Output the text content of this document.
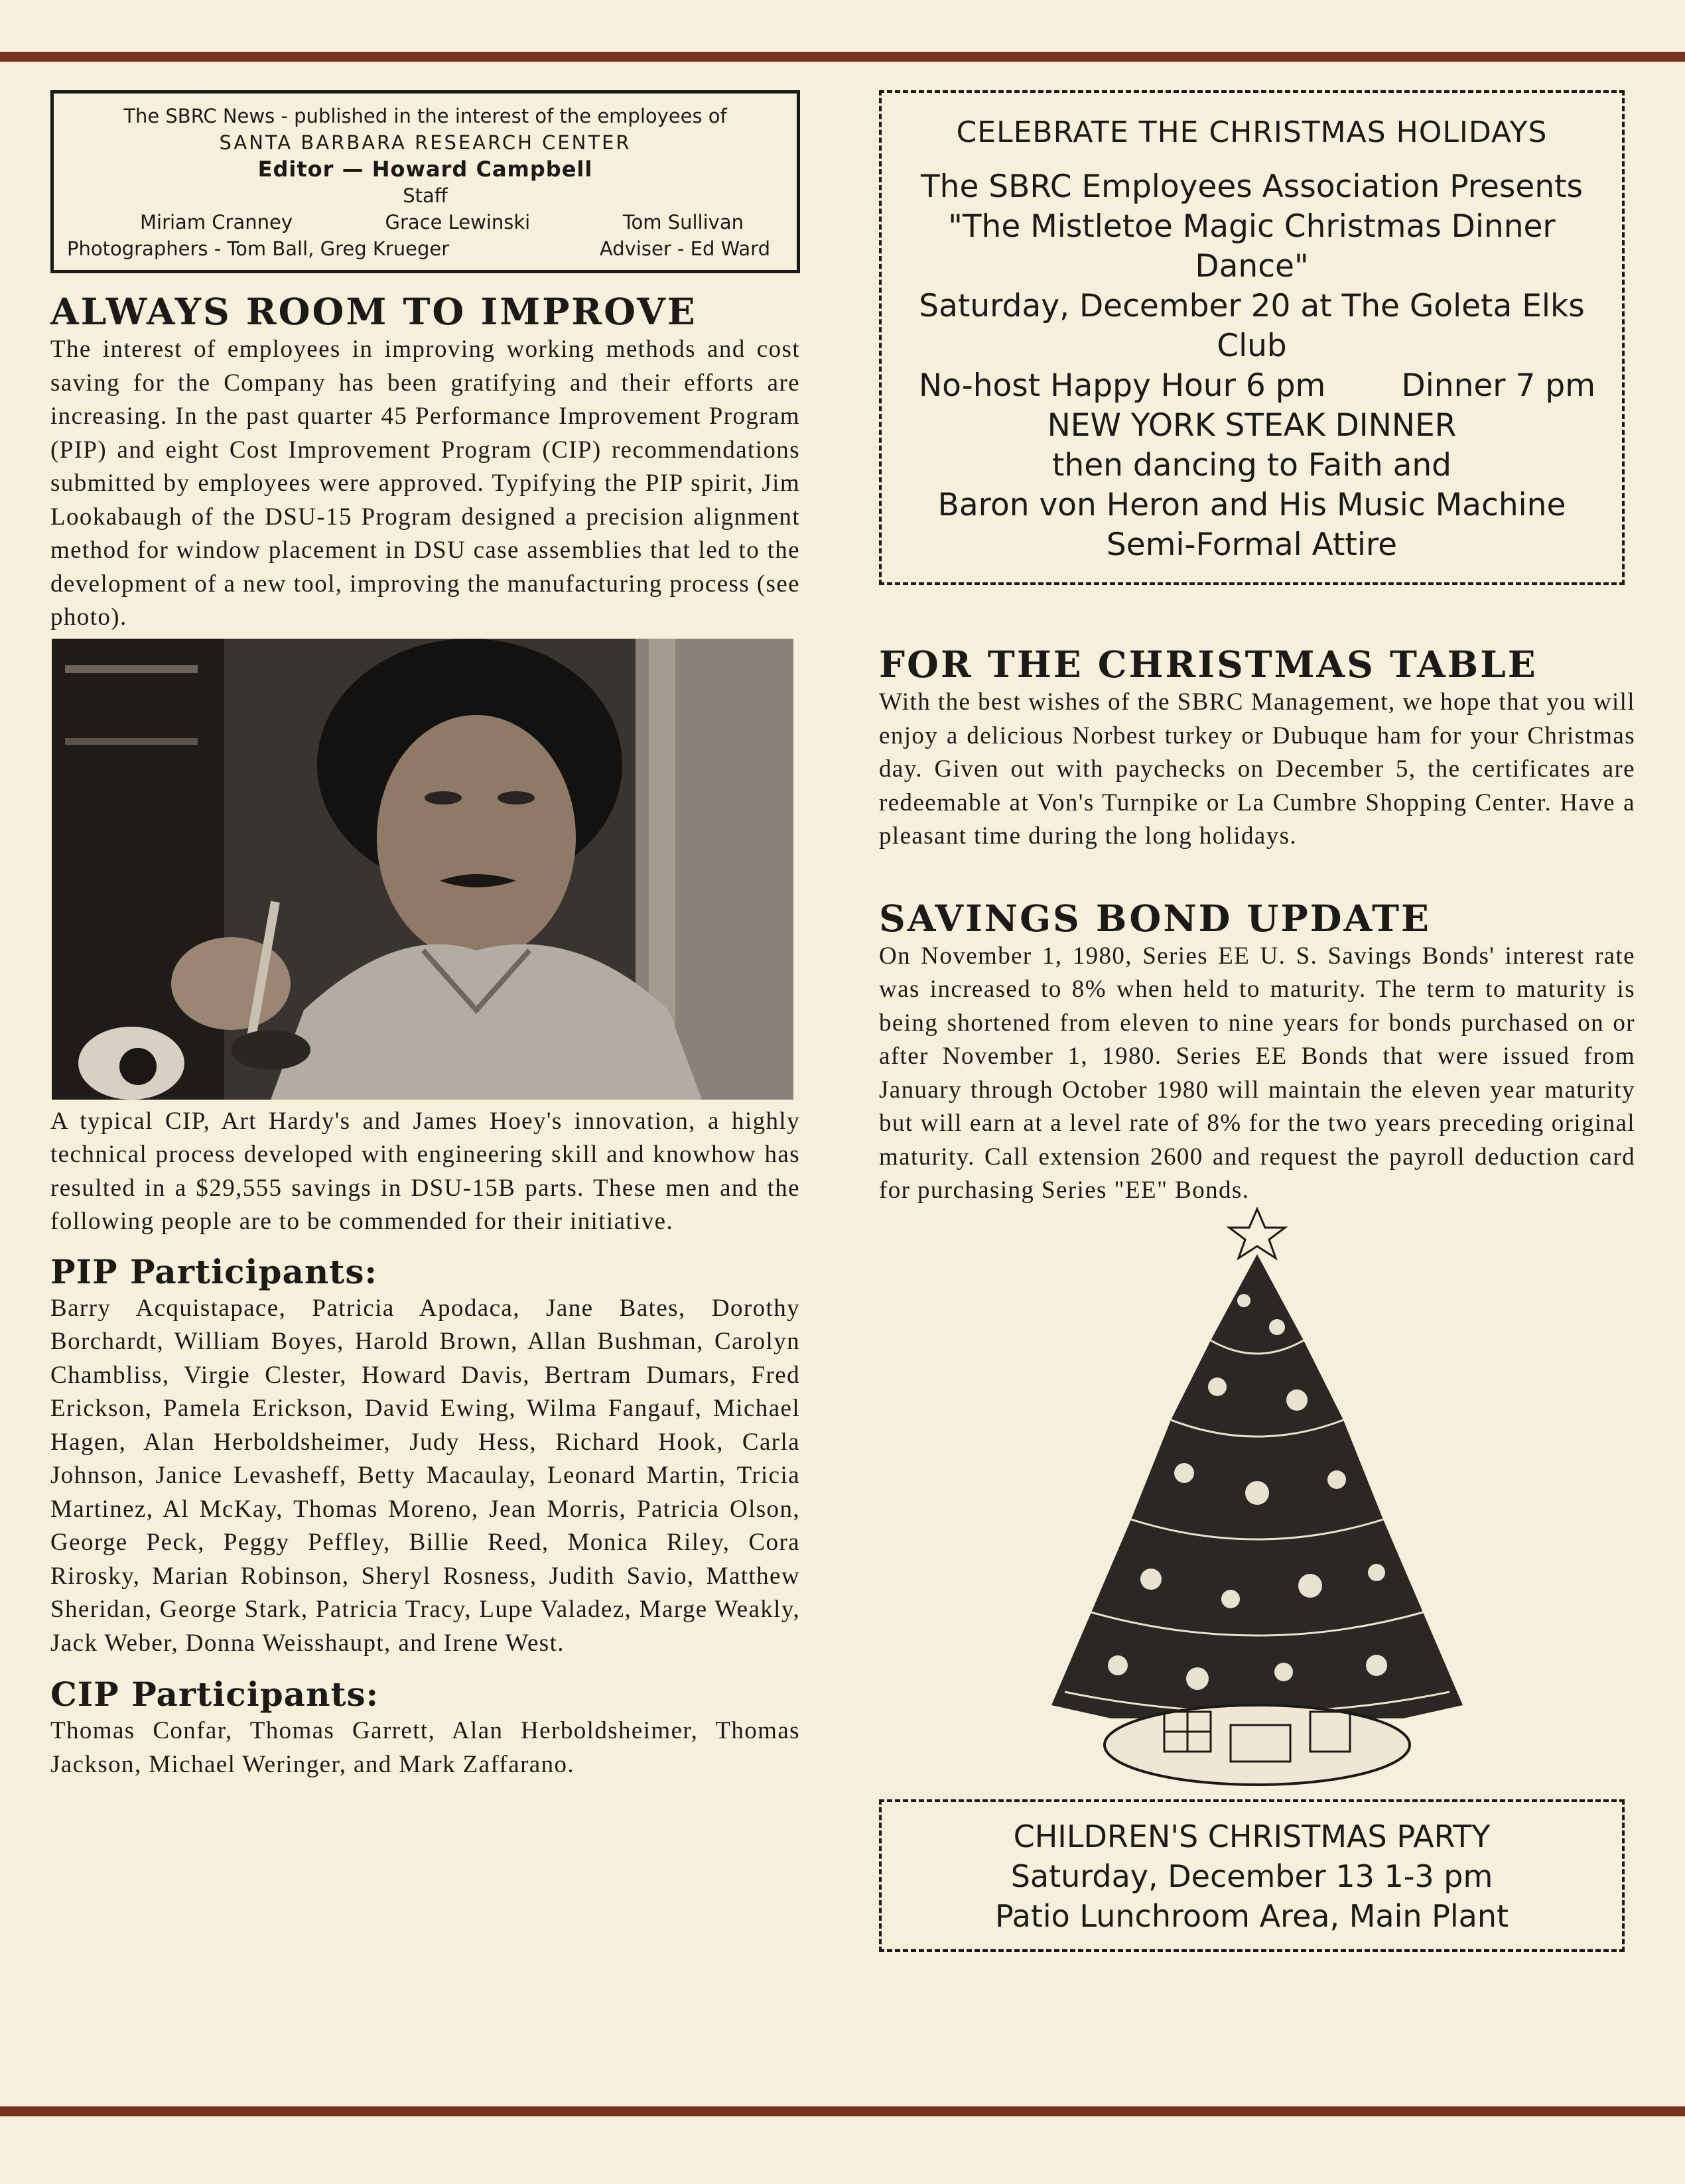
The SBRC News - published in the interest of the employees of
SANTA BARBARA RESEARCH CENTER
Editor — Howard Campbell
Staff
Miriam Cranney	Grace Lewinski	Tom Sullivan
Photographers - Tom Ball, Greg Krueger	Adviser - Ed Ward
ALWAYS ROOM TO IMPROVE

The interest of employees in improving working methods and cost saving for the Company has been gratifying and their efforts are increasing. In the past quarter 45 Performance Improvement Program (PIP) and eight Cost Improvement Program (CIP) recommendations submitted by employees were approved. Typifying the PIP spirit, Jim Lookabaugh of the DSU-15 Program designed a precision alignment method for window placement in DSU case assemblies that led to the development of a new tool, improving the manufacturing process (see photo).

A typical CIP, Art Hardy's and James Hoey's innovation, a highly technical process developed with engineering skill and knowhow has resulted in a $29,555 savings in DSU-15B parts. These men and the following people are to be commended for their initiative.

PIP Participants:

Barry Acquistapace, Patricia Apodaca, Jane Bates, Dorothy Borchardt, William Boyes, Harold Brown, Allan Bushman, Carolyn Chambliss, Virgie Clester, Howard Davis, Bertram Dumars, Fred Erickson, Pamela Erickson, David Ewing, Wilma Fangauf, Michael Hagen, Alan Herboldsheimer, Judy Hess, Richard Hook, Carla Johnson, Janice Levasheff, Betty Macaulay, Leonard Martin, Tricia Martinez, Al McKay, Thomas Moreno, Jean Morris, Patricia Olson, George Peck, Peggy Peffley, Billie Reed, Monica Riley, Cora Rirosky, Marian Robinson, Sheryl Rosness, Judith Savio, Matthew Sheridan, George Stark, Patricia Tracy, Lupe Valadez, Marge Weakly, Jack Weber, Donna Weisshaupt, and Irene West.

CIP Participants:

Thomas Confar, Thomas Garrett, Alan Herboldsheimer, Thomas Jackson, Michael Weringer, and Mark Zaffarano.

CELEBRATE THE CHRISTMAS HOLIDAYS
The SBRC Employees Association Presents
"The Mistletoe Magic Christmas Dinner Dance"
Saturday, December 20 at The Goleta Elks Club
No-host Happy Hour 6 pm Dinner 7 pm
NEW YORK STEAK DINNER
then dancing to Faith and
Baron von Heron and His Music Machine
Semi-Formal Attire
FOR THE CHRISTMAS TABLE

With the best wishes of the SBRC Management, we hope that you will enjoy a delicious Norbest turkey or Dubuque ham for your Christmas day. Given out with paychecks on December 5, the certificates are redeemable at Von's Turnpike or La Cumbre Shopping Center. Have a pleasant time during the long holidays.

SAVINGS BOND UPDATE

On November 1, 1980, Series EE U. S. Savings Bonds' interest rate was increased to 8% when held to maturity. The term to maturity is being shortened from eleven to nine years for bonds purchased on or after November 1, 1980. Series EE Bonds that were issued from January through October 1980 will maintain the eleven year maturity but will earn at a level rate of 8% for the two years preceding original maturity. Call extension 2600 and request the payroll deduction card for purchasing Series "EE" Bonds.

CHILDREN'S CHRISTMAS PARTY
Saturday, December 13 1-3 pm
Patio Lunchroom Area, Main Plant
